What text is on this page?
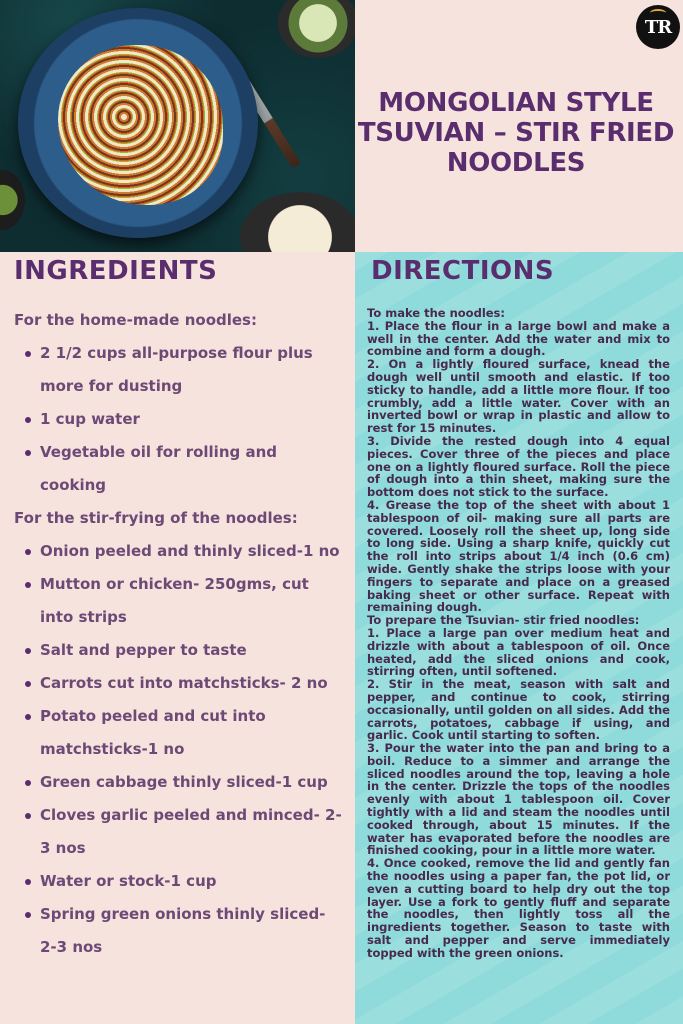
TR
MONGOLIAN STYLE TSUVIAN – STIR FRIED NOODLES
INGREDIENTS
For the home-made noodles:
2 1/2 cups all-purpose flour plus more for dusting
1 cup water
Vegetable oil for rolling and cooking
For the stir-frying of the noodles:
Onion peeled and thinly sliced-1 no
Mutton or chicken- 250gms, cut into strips
Salt and pepper to taste
Carrots cut into matchsticks- 2 no
Potato peeled and cut into matchsticks-1 no
Green cabbage thinly sliced-1 cup
Cloves garlic peeled and minced- 2-3 nos
Water or stock-1 cup
Spring green onions thinly sliced- 2-3 nos
DIRECTIONS

To make the noodles:

1. Place the flour in a large bowl and make a well in the center. Add the water and mix to combine and form a dough.

2. On a lightly floured surface, knead the dough well until smooth and elastic. If too sticky to handle, add a little more flour. If too crumbly, add a little water. Cover with an inverted bowl or wrap in plastic and allow to rest for 15 minutes.

3. Divide the rested dough into 4 equal pieces. Cover three of the pieces and place one on a lightly floured surface. Roll the piece of dough into a thin sheet, making sure the bottom does not stick to the surface.

4. Grease the top of the sheet with about 1 tablespoon of oil- making sure all parts are covered. Loosely roll the sheet up, long side to long side. Using a sharp knife, quickly cut the roll into strips about 1/4 inch (0.6 cm) wide. Gently shake the strips loose with your fingers to separate and place on a greased baking sheet or other surface. Repeat with remaining dough.

To prepare the Tsuvian- stir fried noodles:

1. Place a large pan over medium heat and drizzle with about a tablespoon of oil. Once heated, add the sliced onions and cook, stirring often, until softened.

2. Stir in the meat, season with salt and pepper, and continue to cook, stirring occasionally, until golden on all sides. Add the carrots, potatoes, cabbage if using, and garlic. Cook until starting to soften.

3. Pour the water into the pan and bring to a boil. Reduce to a simmer and arrange the sliced noodles around the top, leaving a hole in the center. Drizzle the tops of the noodles evenly with about 1 tablespoon oil. Cover tightly with a lid and steam the noodles until cooked through, about 15 minutes. If the water has evaporated before the noodles are finished cooking, pour in a little more water.

4. Once cooked, remove the lid and gently fan the noodles using a paper fan, the pot lid, or even a cutting board to help dry out the top layer. Use a fork to gently fluff and separate the noodles, then lightly toss all the ingredients together. Season to taste with salt and pepper and serve immediately topped with the green onions.
